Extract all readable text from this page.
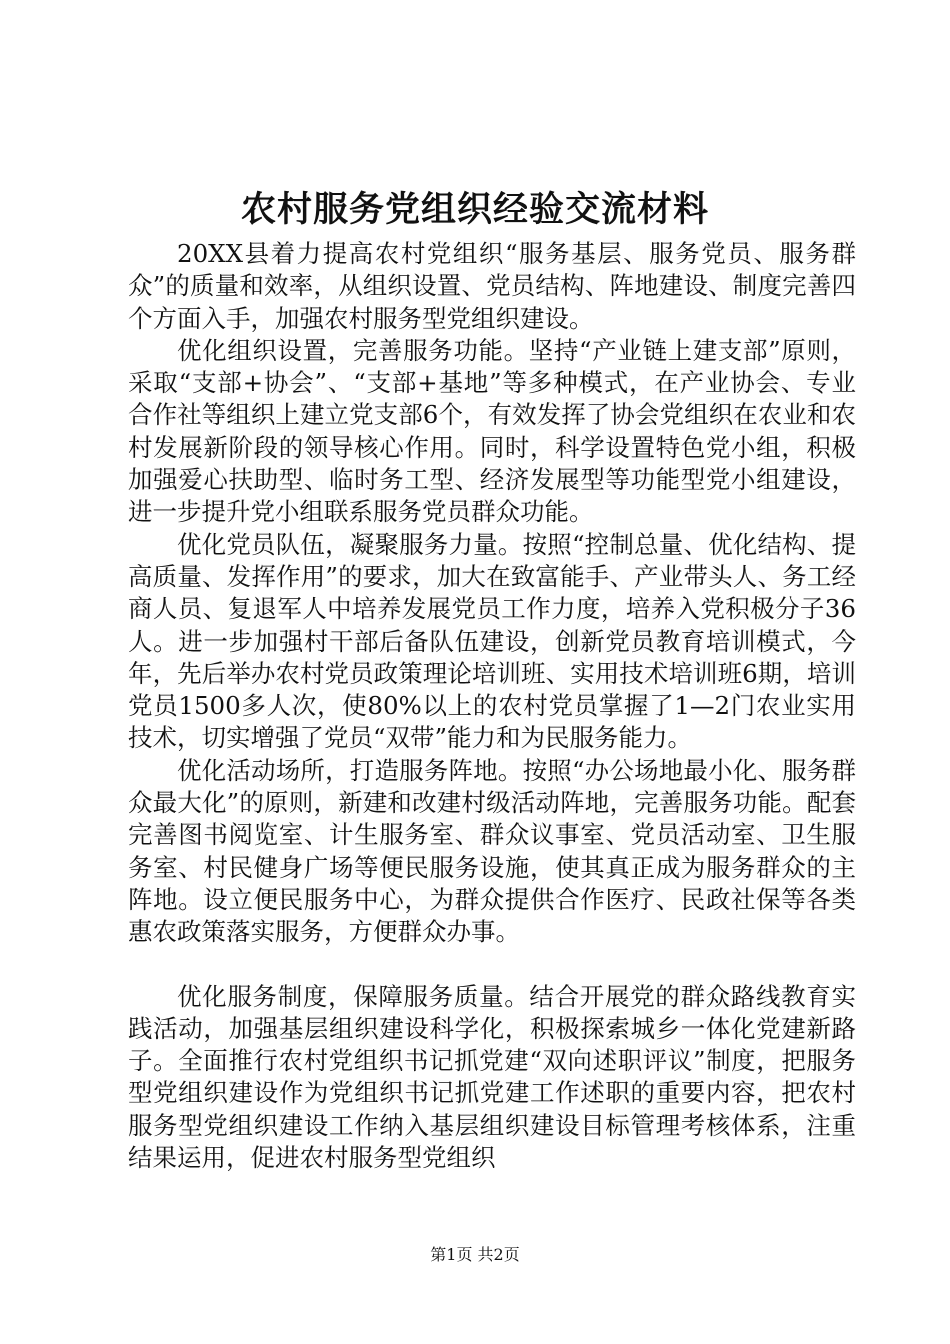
农村服务党组织经验交流材料

20XX县着力提高农村党组织“服务基层、服务党员、服务群众”的质量和效率，从组织设置、党员结构、阵地建设、制度完善四个方面入手，加强农村服务型党组织建设。

优化组织设置，完善服务功能。坚持“产业链上建支部”原则，采取“支部+协会”、“支部+基地”等多种模式，在产业协会、专业合作社等组织上建立党支部6个，有效发挥了协会党组织在农业和农村发展新阶段的领导核心作用。同时，科学设置特色党小组，积极加强爱心扶助型、临时务工型、经济发展型等功能型党小组建设，进一步提升党小组联系服务党员群众功能。

优化党员队伍，凝聚服务力量。按照“控制总量、优化结构、提高质量、发挥作用”的要求，加大在致富能手、产业带头人、务工经商人员、复退军人中培养发展党员工作力度，培养入党积极分子36人。进一步加强村干部后备队伍建设，创新党员教育培训模式，今年，先后举办农村党员政策理论培训班、实用技术培训班6期，培训党员1500多人次，使80%以上的农村党员掌握了1—2门农业实用技术，切实增强了党员“双带”能力和为民服务能力。

优化活动场所，打造服务阵地。按照“办公场地最小化、服务群众最大化”的原则，新建和改建村级活动阵地，完善服务功能。配套完善图书阅览室、计生服务室、群众议事室、党员活动室、卫生服务室、村民健身广场等便民服务设施，使其真正成为服务群众的主阵地。设立便民服务中心，为群众提供合作医疗、民政社保等各类惠农政策落实服务，方便群众办事。

优化服务制度，保障服务质量。结合开展党的群众路线教育实践活动，加强基层组织建设科学化，积极探索城乡一体化党建新路子。全面推行农村党组织书记抓党建“双向述职评议”制度，把服务型党组织建设作为党组织书记抓党建工作述职的重要内容，把农村服务型党组织建设工作纳入基层组织建设目标管理考核体系，注重结果运用，促进农村服务型党组织

第1页 共2页
